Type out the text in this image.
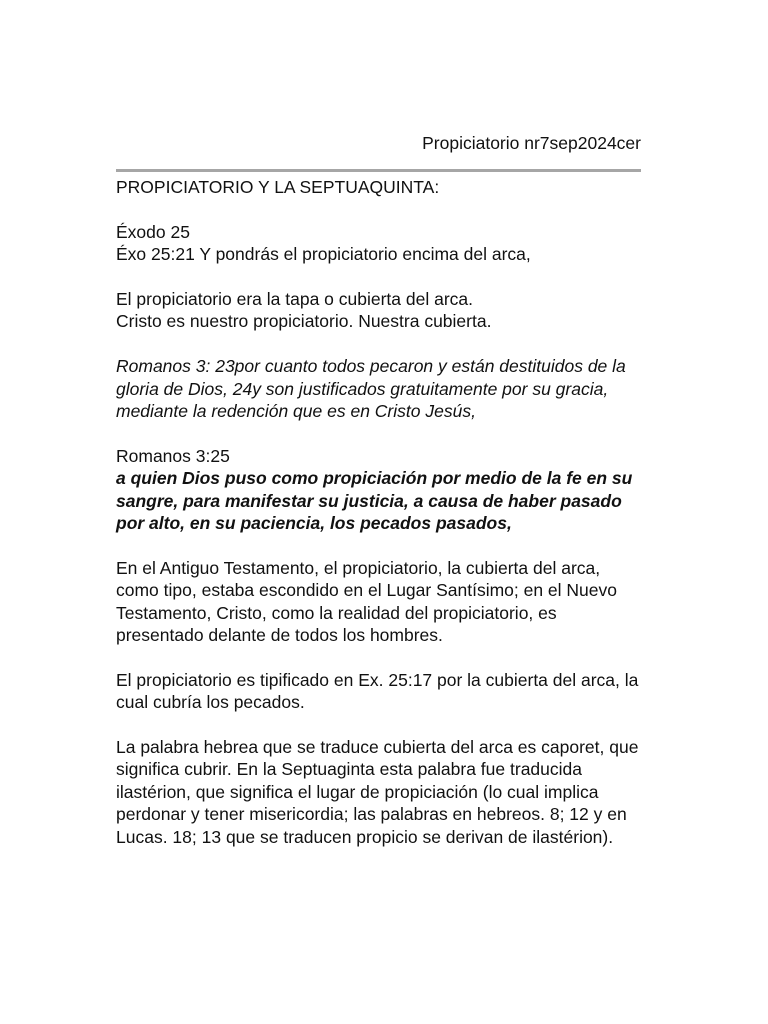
Propiciatorio nr7sep2024cer

PROPICIATORIO Y LA SEPTUAQUINTA:

Éxodo 25

Éxo 25:21 Y pondrás el propiciatorio encima del arca,

El propiciatorio era la tapa o cubierta del arca.

Cristo es nuestro propiciatorio. Nuestra cubierta.

Romanos 3: 23por cuanto todos pecaron y están destituidos de la gloria de Dios, 24y son justificados gratuitamente por su gracia, mediante la redención que es en Cristo Jesús,

Romanos 3:25

a quien Dios puso como propiciación por medio de la fe en su sangre, para manifestar su justicia, a causa de haber pasado por alto, en su paciencia, los pecados pasados,

En el Antiguo Testamento, el propiciatorio, la cubierta del arca, como tipo, estaba escondido en el Lugar Santísimo; en el Nuevo Testamento, Cristo, como la realidad del propiciatorio, es presentado delante de todos los hombres.

El propiciatorio es tipificado en Ex. 25:17 por la cubierta del arca, la cual cubría los pecados.

La palabra hebrea que se traduce cubierta del arca es caporet, que significa cubrir. En la Septuaginta esta palabra fue traducida ilastérion, que significa el lugar de propiciación (lo cual implica perdonar y tener misericordia; las palabras en hebreos. 8; 12 y en Lucas. 18; 13 que se traducen propicio se derivan de ilastérion).
